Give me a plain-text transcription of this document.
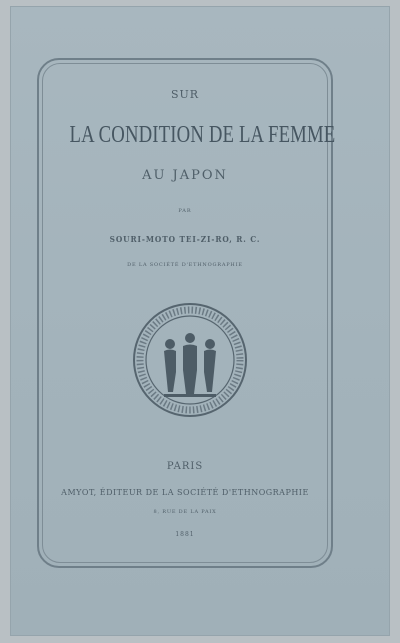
SUR
LA CONDITION DE LA FEMME
AU JAPON
PAR
SOURI-MOTO TEI-ZI-RO, R. C.
DE LA SOCIÉTÉ D'ETHNOGRAPHIE
PARIS
AMYOT, ÉDITEUR DE LA SOCIÉTÉ D'ETHNOGRAPHIE
8, RUE DE LA PAIX
1881
